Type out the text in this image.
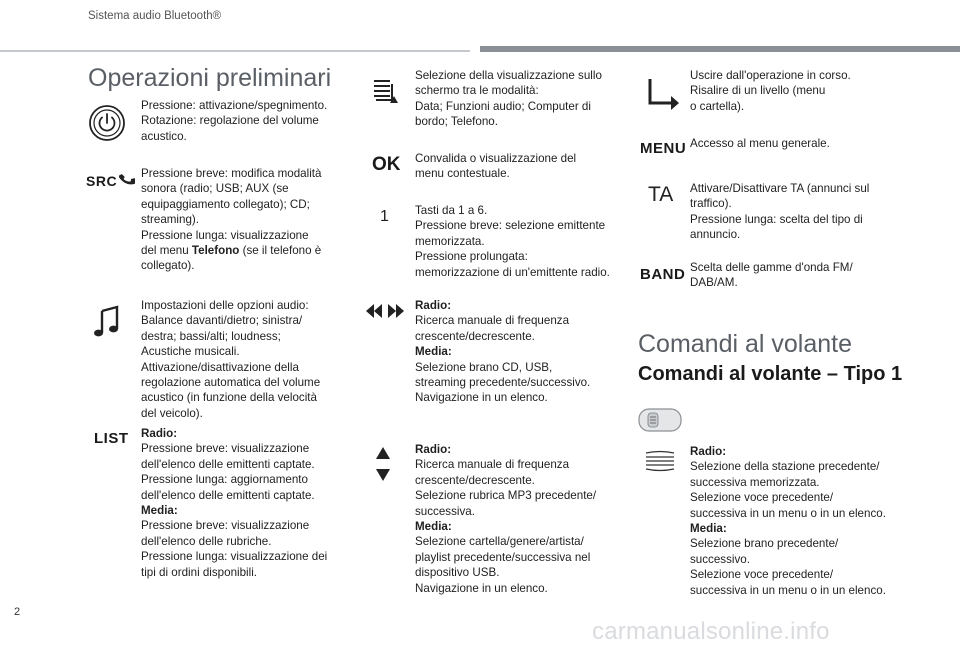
Sistema audio Bluetooth®
Operazioni preliminari
Pressione: attivazione/spegnimento.
Rotazione: regolazione del volume
acustico.
SRC Pressione breve: modifica modalità
sonora (radio; USB; AUX (se
equipaggiamento collegato); CD;
streaming).
Pressione lunga: visualizzazione
del menu Telefono (se il telefono è
collegato).
Impostazioni delle opzioni audio:
Balance davanti/dietro; sinistra/
destra; bassi/alti; loudness;
Acustiche musicali.
Attivazione/disattivazione della
regolazione automatica del volume
acustico (in funzione della velocità
del veicolo).
LIST Radio:
Pressione breve: visualizzazione
dell'elenco delle emittenti captate.
Pressione lunga: aggiornamento
dell'elenco delle emittenti captate.
Media:
Pressione breve: visualizzazione
dell'elenco delle rubriche.
Pressione lunga: visualizzazione dei
tipi di ordini disponibili.
Selezione della visualizzazione sullo
schermo tra le modalità:
Data; Funzioni audio; Computer di
bordo; Telefono.
OK Convalida o visualizzazione del
menu contestuale.
1 Tasti da 1 a 6.
Pressione breve: selezione emittente
memorizzata.
Pressione prolungata:
memorizzazione di un'emittente radio.
Radio:
Ricerca manuale di frequenza
crescente/decrescente.
Media:
Selezione brano CD, USB,
streaming precedente/successivo.
Navigazione in un elenco.
Radio:
Ricerca manuale di frequenza
crescente/decrescente.
Selezione rubrica MP3 precedente/
successiva.
Media:
Selezione cartella/genere/artista/
playlist precedente/successiva nel
dispositivo USB.
Navigazione in un elenco.
Uscire dall'operazione in corso.
Risalire di un livello (menu
o cartella).
MENU Accesso al menu generale.
TA Attivare/Disattivare TA (annunci sul
traffico).
Pressione lunga: scelta del tipo di
annuncio.
BAND Scelta delle gamme d'onda FM/
DAB/AM.
Comandi al volante
Comandi al volante – Tipo 1
Radio:
Selezione della stazione precedente/
successiva memorizzata.
Selezione voce precedente/
successiva in un menu o in un elenco.
Media:
Selezione brano precedente/
successivo.
Selezione voce precedente/
successiva in un menu o in un elenco.
2
carmanualsonline.info
